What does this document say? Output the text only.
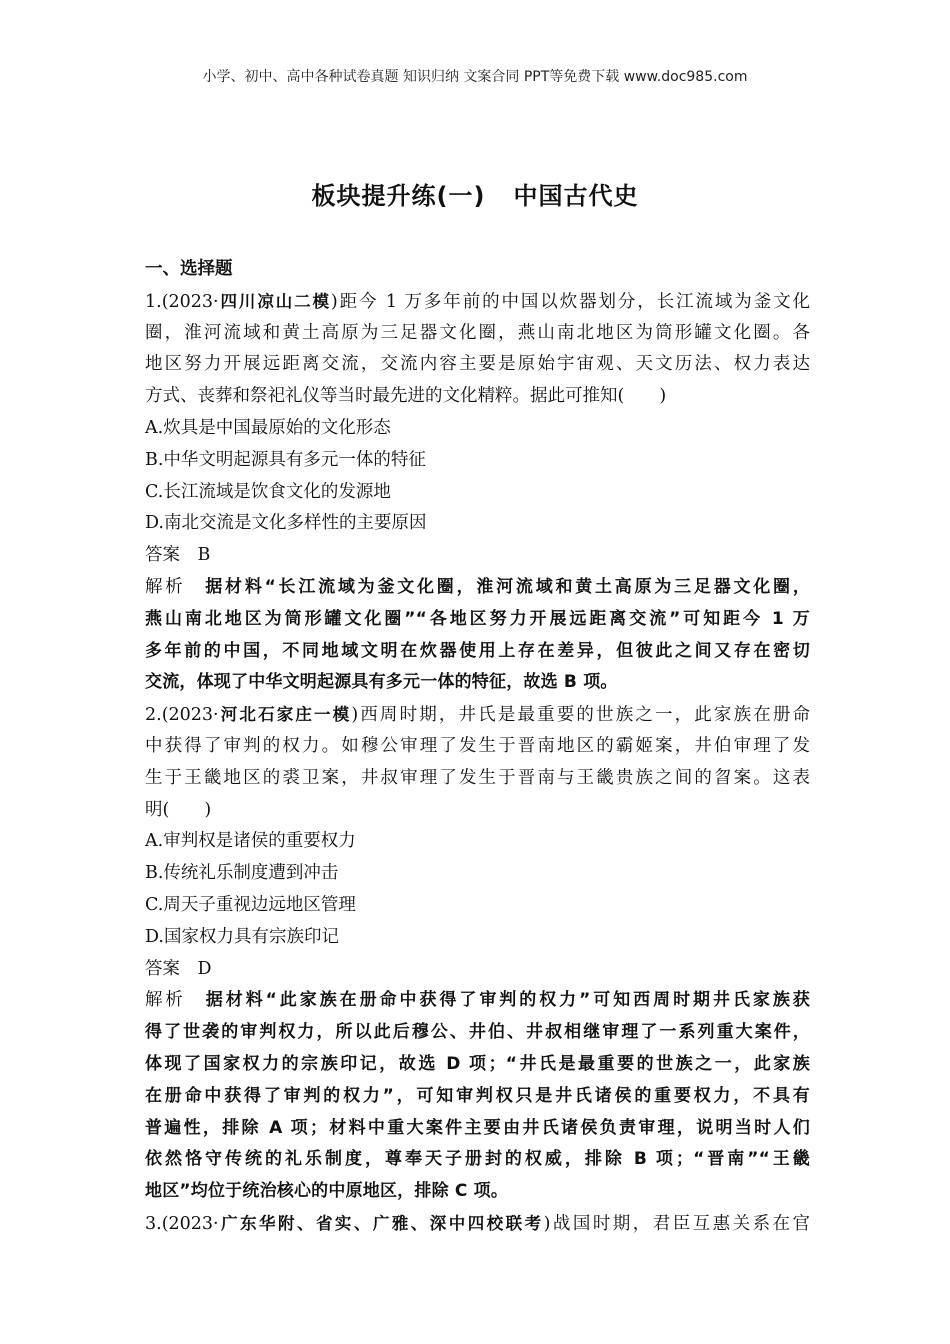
小学、初中、高中各种试卷真题 知识归纳 文案合同 PPT等免费下载 www.doc985.com
板块提升练(一) 中国古代史
一、选择题
1.(2023·四川凉山二模)距今 1 万多年前的中国以炊器划分，长江流域为釜文化
圈，淮河流域和黄土高原为三足器文化圈，燕山南北地区为筒形罐文化圈。各
地区努力开展远距离交流，交流内容主要是原始宇宙观、天文历法、权力表达
方式、丧葬和祭祀礼仪等当时最先进的文化精粹。据此可推知(　　)
A.炊具是中国最原始的文化形态
B.中华文明起源具有多元一体的特征
C.长江流域是饮食文化的发源地
D.南北交流是文化多样性的主要原因
答案　 B
解析　 据材料“长江流域为釜文化圈，淮河流域和黄土高原为三足器文化圈，
燕山南北地区为筒形罐文化圈”“各地区努力开展远距离交流”可知距今 1 万
多年前的中国，不同地域文明在炊器使用上存在差异，但彼此之间又存在密切
交流，体现了中华文明起源具有多元一体的特征，故选 B 项。
2.(2023·河北石家庄一模)西周时期，井氏是最重要的世族之一，此家族在册命
中获得了审判的权力。如穆公审理了发生于晋南地区的霸姬案，井伯审理了发
生于王畿地区的裘卫案，井叔审理了发生于晋南与王畿贵族之间的曶案。这表
明(　　)
A.审判权是诸侯的重要权力
B.传统礼乐制度遭到冲击
C.周天子重视边远地区管理
D.国家权力具有宗族印记
答案　 D
解析　 据材料“此家族在册命中获得了审判的权力”可知西周时期井氏家族获
得了世袭的审判权力，所以此后穆公、井伯、井叔相继审理了一系列重大案件，
体现了国家权力的宗族印记，故选 D 项；“井氏是最重要的世族之一，此家族
在册命中获得了审判的权力”，可知审判权只是井氏诸侯的重要权力，不具有
普遍性，排除 A 项；材料中重大案件主要由井氏诸侯负责审理，说明当时人们
依然恪守传统的礼乐制度，尊奉天子册封的权威，排除 B 项；“晋南”“王畿
地区”均位于统治核心的中原地区，排除 C 项。
3.(2023·广东华附、省实、广雅、深中四校联考)战国时期，君臣互惠关系在官
